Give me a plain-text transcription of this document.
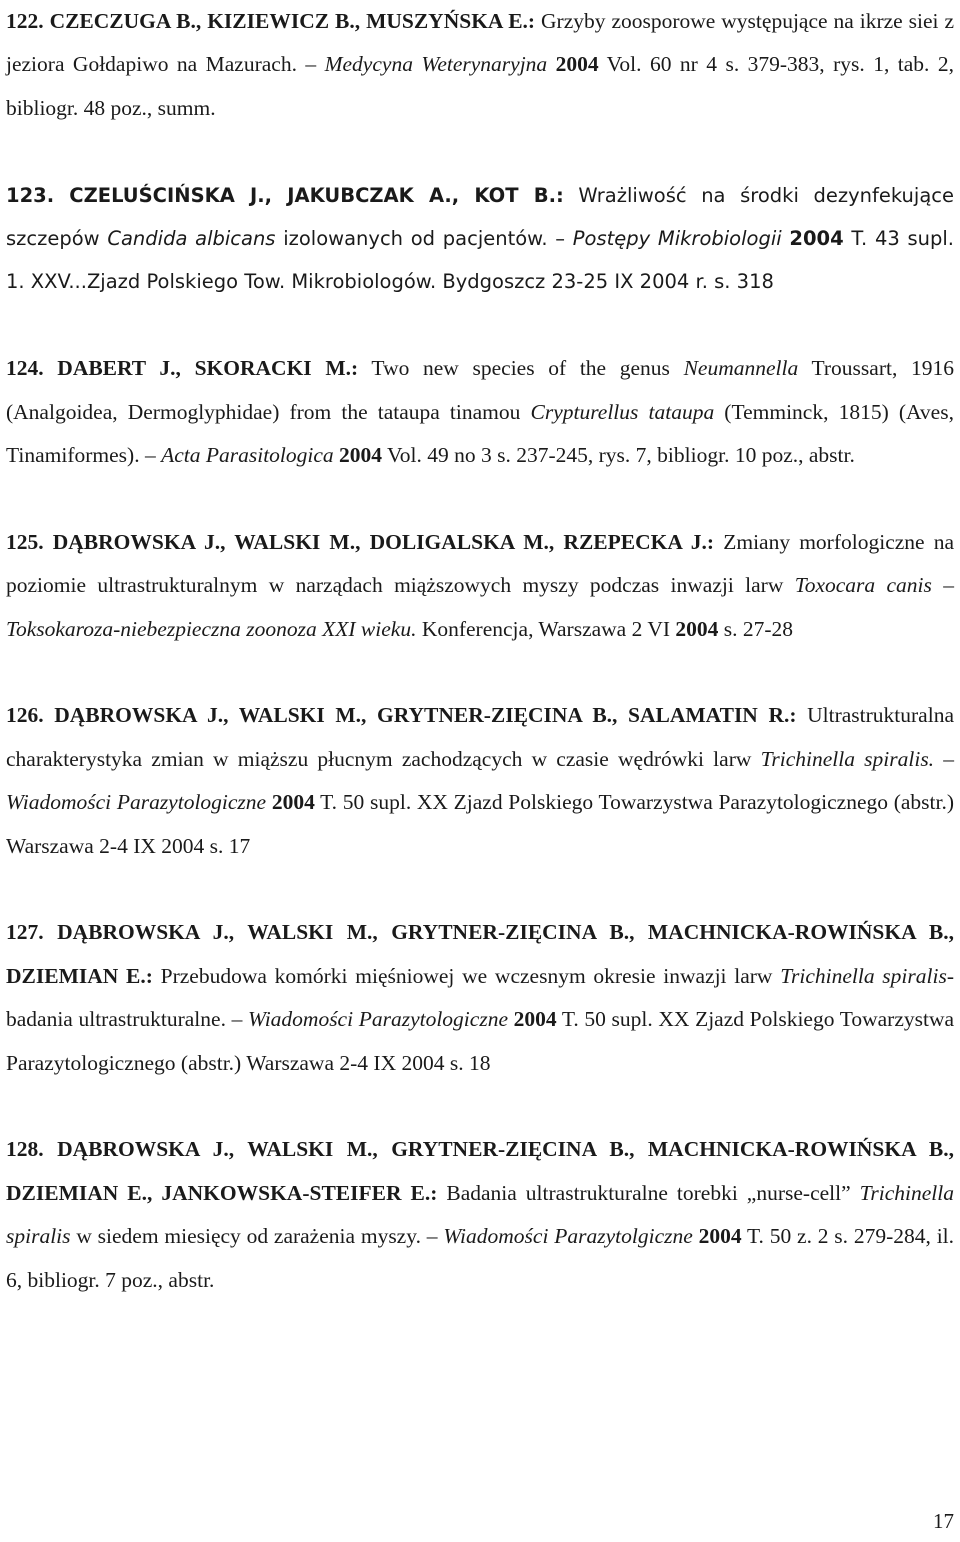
122. CZECZUGA B., KIZIEWICZ B., MUSZYŃSKA E.: Grzyby zoosporowe występujące na ikrze siei z jeziora Gołdapiwo na Mazurach. – Medycyna Weterynaryjna 2004 Vol. 60 nr 4 s. 379-383, rys. 1, tab. 2, bibliogr. 48 poz., summ.

123. CZELUŚCIŃSKA J., JAKUBCZAK A., KOT B.: Wrażliwość na środki dezynfekujące szczepów Candida albicans izolowanych od pacjentów. – Postępy Mikrobiologii 2004 T. 43 supl. 1. XXV...Zjazd Polskiego Tow. Mikrobiologów. Bydgoszcz 23-25 IX 2004 r. s. 318

124. DABERT J., SKORACKI M.: Two new species of the genus Neumannella Troussart, 1916 (Analgoidea, Dermoglyphidae) from the tataupa tinamou Crypturellus tataupa (Temminck, 1815) (Aves, Tinamiformes). – Acta Parasitologica 2004 Vol. 49 no 3 s. 237-245, rys. 7, bibliogr. 10 poz., abstr.

125. DĄBROWSKA J., WALSKI M., DOLIGALSKA M., RZEPECKA J.: Zmiany morfologiczne na poziomie ultrastrukturalnym w narządach miąższowych myszy podczas inwazji larw Toxocara canis – Toksokaroza-niebezpieczna zoonoza XXI wieku. Konferencja, Warszawa 2 VI 2004 s. 27-28

126. DĄBROWSKA J., WALSKI M., GRYTNER-ZIĘCINA B., SALAMATIN R.: Ultrastrukturalna charakterystyka zmian w miąższu płucnym zachodzących w czasie wędrówki larw Trichinella spiralis. – Wiadomości Parazytologiczne 2004 T. 50 supl. XX Zjazd Polskiego Towarzystwa Parazytologicznego (abstr.) Warszawa 2-4 IX 2004 s. 17

127. DĄBROWSKA J., WALSKI M., GRYTNER-ZIĘCINA B., MACHNICKA-ROWIŃSKA B., DZIEMIAN E.: Przebudowa komórki mięśniowej we wczesnym okresie inwazji larw Trichinella spiralis-badania ultrastrukturalne. – Wiadomości Parazytologiczne 2004 T. 50 supl. XX Zjazd Polskiego Towarzystwa Parazytologicznego (abstr.) Warszawa 2-4 IX 2004 s. 18

128. DĄBROWSKA J., WALSKI M., GRYTNER-ZIĘCINA B., MACHNICKA-ROWIŃSKA B., DZIEMIAN E., JANKOWSKA-STEIFER E.: Badania ultrastrukturalne torebki „nurse-cell” Trichinella spiralis w siedem miesięcy od zarażenia myszy. – Wiadomości Parazytolgiczne 2004 T. 50 z. 2 s. 279-284, il. 6, bibliogr. 7 poz., abstr.

17
